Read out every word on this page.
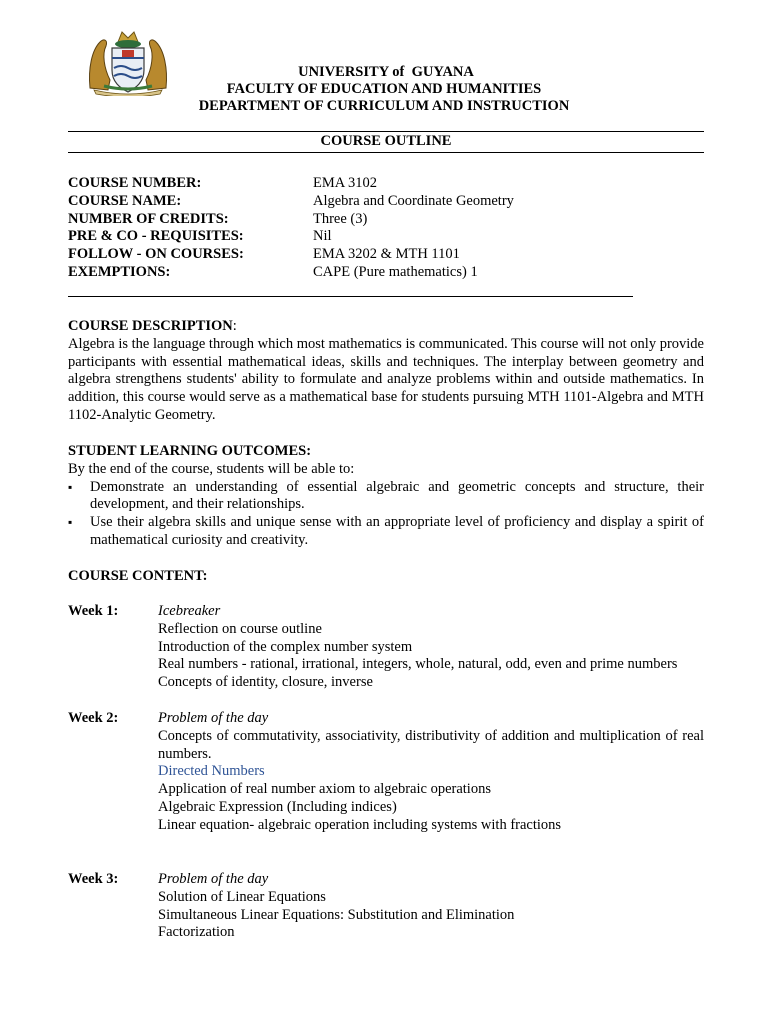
UNIVERSITY of  GUYANA
FACULTY OF EDUCATION AND HUMANITIES
DEPARTMENT OF CURRICULUM AND INSTRUCTION
COURSE OUTLINE
COURSE NUMBER:	EMA 3102
COURSE NAME:	Algebra and Coordinate Geometry
NUMBER OF CREDITS:	Three (3)
PRE & CO - REQUISITES:	Nil
FOLLOW - ON COURSES:	EMA 3202 & MTH 1101
EXEMPTIONS:	CAPE (Pure mathematics) 1
COURSE DESCRIPTION:
Algebra is the language through which most mathematics is communicated. This course will not only provide participants with essential mathematical ideas, skills and techniques. The interplay between geometry and algebra strengthens students' ability to formulate and analyze problems within and outside mathematics. In addition, this course would serve as a mathematical base for students pursuing MTH 1101-Algebra and MTH 1102-Analytic Geometry.
STUDENT LEARNING OUTCOMES:
By the end of the course, students will be able to:
▪ Demonstrate an understanding of essential algebraic and geometric concepts and structure, their development, and their relationships.
▪ Use their algebra skills and unique sense with an appropriate level of proficiency and display a spirit of mathematical curiosity and creativity.
COURSE CONTENT:
Week 1:	Icebreaker
Reflection on course outline
Introduction of the complex number system
Real numbers - rational, irrational, integers, whole, natural, odd, even and prime numbers
Concepts of identity, closure, inverse
Week 2:	Problem of the day
Concepts of commutativity, associativity, distributivity of addition and multiplication of real numbers.
Directed Numbers
Application of real number axiom to algebraic operations
Algebraic Expression (Including indices)
Linear equation- algebraic operation including systems with fractions
Week 3:	Problem of the day
Solution of Linear Equations
Simultaneous Linear Equations: Substitution and Elimination
Factorization
